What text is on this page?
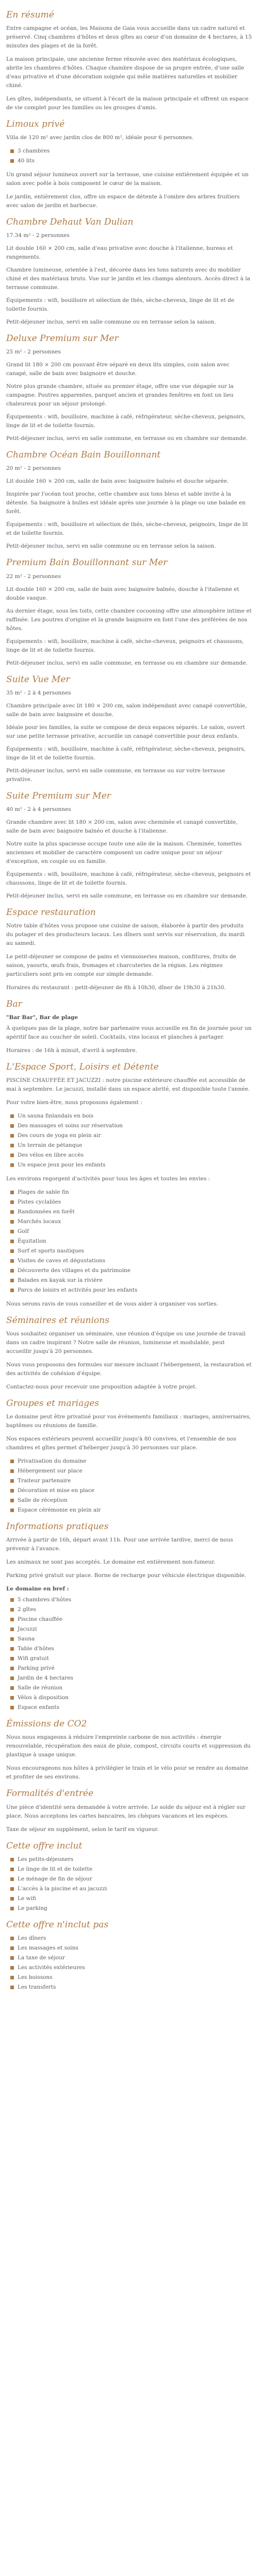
En résumé

Entre campagne et océan, les Maisons de Gaia vous accueille dans un cadre naturel et préservé. Cinq chambres d'hôtes et deux gîtes au cœur d'un domaine de 4 hectares, à 15 minutes des plages et de la forêt.

La maison principale, une ancienne ferme rénovée avec des matériaux écologiques, abrite les chambres d'hôtes. Chaque chambre dispose de sa propre entrée, d'une salle d'eau privative et d'une décoration soignée qui mêle matières naturelles et mobilier chiné.

Les gîtes, indépendants, se situent à l'écart de la maison principale et offrent un espace de vie complet pour les familles ou les groupes d'amis.

Limoux privé

Villa de 120 m² avec jardin clos de 800 m², idéale pour 6 personnes.

3 chambres
40 lits

Un grand séjour lumineux ouvert sur la terrasse, une cuisine entièrement équipée et un salon avec poêle à bois composent le cœur de la maison.

Le jardin, entièrement clos, offre un espace de détente à l'ombre des arbres fruitiers avec salon de jardin et barbecue.

Chambre Dehaut Van Dulian

17.34 m² - 2 personnes

Lit double 160 × 200 cm, salle d'eau privative avec douche à l'italienne, bureau et rangements.

Chambre lumineuse, orientée à l'est, décorée dans les tons naturels avec du mobilier chiné et des matériaux bruts. Vue sur le jardin et les champs alentours. Accès direct à la terrasse commune.

Équipements : wifi, bouilloire et sélection de thés, sèche-cheveux, linge de lit et de toilette fournis.

Petit-déjeuner inclus, servi en salle commune ou en terrasse selon la saison.

Deluxe Premium sur Mer

25 m² - 2 personnes

Grand lit 180 × 200 cm pouvant être séparé en deux lits simples, coin salon avec canapé, salle de bain avec baignoire et douche.

Notre plus grande chambre, située au premier étage, offre une vue dégagée sur la campagne. Poutres apparentes, parquet ancien et grandes fenêtres en font un lieu chaleureux pour un séjour prolongé.

Équipements : wifi, bouilloire, machine à café, réfrigérateur, sèche-cheveux, peignoirs, linge de lit et de toilette fournis.

Petit-déjeuner inclus, servi en salle commune, en terrasse ou en chambre sur demande.

Chambre Océan Bain Bouillonnant

20 m² - 2 personnes

Lit double 160 × 200 cm, salle de bain avec baignoire balnéo et douche séparée.

Inspirée par l'océan tout proche, cette chambre aux tons bleus et sable invite à la détente. Sa baignoire à bulles est idéale après une journée à la plage ou une balade en forêt.

Équipements : wifi, bouilloire et sélection de thés, sèche-cheveux, peignoirs, linge de lit et de toilette fournis.

Petit-déjeuner inclus, servi en salle commune ou en terrasse selon la saison.

Premium Bain Bouillonnant sur Mer

22 m² - 2 personnes

Lit double 160 × 200 cm, salle de bain avec baignoire balnéo, douche à l'italienne et double vasque.

Au dernier étage, sous les toits, cette chambre cocooning offre une atmosphère intime et raffinée. Les poutres d'origine et la grande baignoire en font l'une des préférées de nos hôtes.

Équipements : wifi, bouilloire, machine à café, sèche-cheveux, peignoirs et chaussons, linge de lit et de toilette fournis.

Petit-déjeuner inclus, servi en salle commune, en terrasse ou en chambre sur demande.

Suite Vue Mer

35 m² - 2 à 4 personnes

Chambre principale avec lit 180 × 200 cm, salon indépendant avec canapé convertible, salle de bain avec baignoire et douche.

Idéale pour les familles, la suite se compose de deux espaces séparés. Le salon, ouvert sur une petite terrasse privative, accueille un canapé convertible pour deux enfants.

Équipements : wifi, bouilloire, machine à café, réfrigérateur, sèche-cheveux, peignoirs, linge de lit et de toilette fournis.

Petit-déjeuner inclus, servi en salle commune, en terrasse ou sur votre terrasse privative.

Suite Premium sur Mer

40 m² - 2 à 4 personnes

Grande chambre avec lit 180 × 200 cm, salon avec cheminée et canapé convertible, salle de bain avec baignoire balnéo et douche à l'italienne.

Notre suite la plus spacieuse occupe toute une aile de la maison. Cheminée, tomettes anciennes et mobilier de caractère composent un cadre unique pour un séjour d'exception, en couple ou en famille.

Équipements : wifi, bouilloire, machine à café, réfrigérateur, sèche-cheveux, peignoirs et chaussons, linge de lit et de toilette fournis.

Petit-déjeuner inclus, servi en salle commune, en terrasse ou en chambre sur demande.

Espace restauration

Notre table d'hôtes vous propose une cuisine de saison, élaborée à partir des produits du potager et des producteurs locaux. Les dîners sont servis sur réservation, du mardi au samedi.

Le petit-déjeuner se compose de pains et viennoiseries maison, confitures, fruits de saison, yaourts, œufs frais, fromages et charcuteries de la région. Les régimes particuliers sont pris en compte sur simple demande.

Horaires du restaurant : petit-déjeuner de 8h à 10h30, dîner de 19h30 à 21h30.

Bar

"Bar Bar", Bar de plage

À quelques pas de la plage, notre bar partenaire vous accueille en fin de journée pour un apéritif face au coucher de soleil. Cocktails, vins locaux et planches à partager.

Horaires : de 16h à minuit, d'avril à septembre.

L'Espace Sport, Loisirs et Détente

PISCINE CHAUFFÉE ET JACUZZI : notre piscine extérieure chauffée est accessible de mai à septembre. Le jacuzzi, installé dans un espace abrité, est disponible toute l'année.

Pour votre bien-être, nous proposons également :

Un sauna finlandais en bois
Des massages et soins sur réservation
Des cours de yoga en plein air
Un terrain de pétanque
Des vélos en libre accès
Un espace jeux pour les enfants

Les environs regorgent d'activités pour tous les âges et toutes les envies :

Plages de sable fin
Pistes cyclables
Randonnées en forêt
Marchés locaux
Golf
Équitation
Surf et sports nautiques
Visites de caves et dégustations
Découverte des villages et du patrimoine
Balades en kayak sur la rivière
Parcs de loisirs et activités pour les enfants

Nous serons ravis de vous conseiller et de vous aider à organiser vos sorties.

Séminaires et réunions

Vous souhaitez organiser un séminaire, une réunion d'équipe ou une journée de travail dans un cadre inspirant ? Notre salle de réunion, lumineuse et modulable, peut accueillir jusqu'à 20 personnes.

Nous vous proposons des formules sur mesure incluant l'hébergement, la restauration et des activités de cohésion d'équipe.

Contactez-nous pour recevoir une proposition adaptée à votre projet.

Groupes et mariages

Le domaine peut être privatisé pour vos événements familiaux : mariages, anniversaires, baptêmes ou réunions de famille.

Nos espaces extérieurs peuvent accueillir jusqu'à 80 convives, et l'ensemble de nos chambres et gîtes permet d'héberger jusqu'à 30 personnes sur place.

Privatisation du domaine
Hébergement sur place
Traiteur partenaire
Décoration et mise en place
Salle de réception
Espace cérémonie en plein air
Informations pratiques

Arrivée à partir de 16h, départ avant 11h. Pour une arrivée tardive, merci de nous prévenir à l'avance.

Les animaux ne sont pas acceptés. Le domaine est entièrement non-fumeur.

Parking privé gratuit sur place. Borne de recharge pour véhicule électrique disponible.

Le domaine en bref :

5 chambres d'hôtes
2 gîtes
Piscine chauffée
Jacuzzi
Sauna
Table d'hôtes
Wifi gratuit
Parking privé
Jardin de 4 hectares
Salle de réunion
Vélos à disposition
Espace enfants
Émissions de CO2

Nous nous engageons à réduire l'empreinte carbone de nos activités : énergie renouvelable, récupération des eaux de pluie, compost, circuits courts et suppression du plastique à usage unique.

Nous encourageons nos hôtes à privilégier le train et le vélo pour se rendre au domaine et profiter de ses environs.

Formalités d'entrée

Une pièce d'identité sera demandée à votre arrivée. Le solde du séjour est à régler sur place. Nous acceptons les cartes bancaires, les chèques vacances et les espèces.

Taxe de séjour en supplément, selon le tarif en vigueur.

Cette offre inclut
Les petits-déjeuners
Le linge de lit et de toilette
Le ménage de fin de séjour
L'accès à la piscine et au jacuzzi
Le wifi
Le parking
Cette offre n'inclut pas
Les dîners
Les massages et soins
La taxe de séjour
Les activités extérieures
Les boissons
Les transferts
